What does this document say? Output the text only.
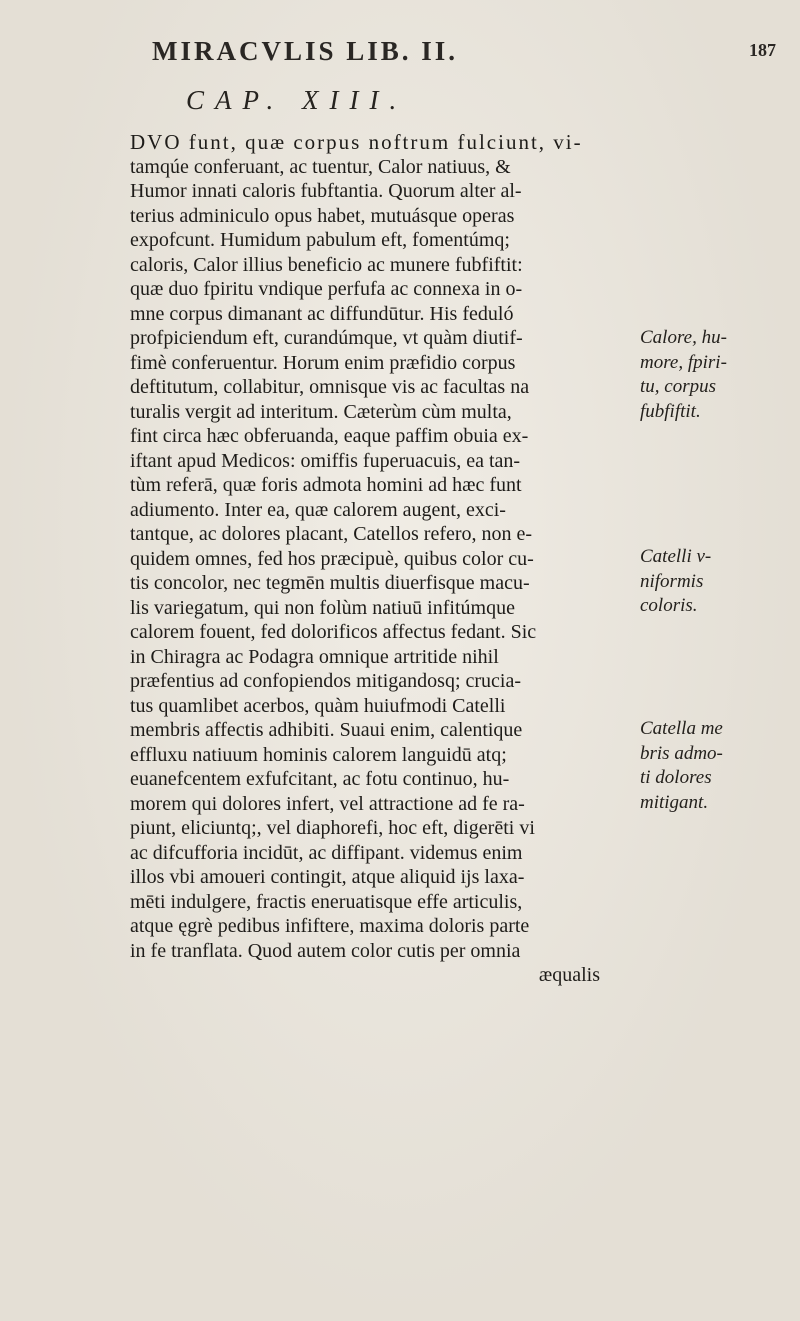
MIRACVLIS LIB. II.	187
CAP. XIII.
DVO funt, quæ corpus noftrum fulciunt, vi-
tamqúe conferuant, ac tuentur, Calor natiuus, &
Humor innati caloris fubftantia. Quorum alter al-
terius adminiculo opus habet, mutuásque operas
expofcunt. Humidum pabulum eft, fomentúmq;
caloris, Calor illius beneficio ac munere fubfiftit:
quæ duo fpiritu vndique perfufa ac connexa in o-
mne corpus dimanant ac diffundūtur. His feduló
profpiciendum eft, curandúmque, vt quàm diutif-
fimè conferuentur. Horum enim præfidio corpus
deftitutum, collabitur, omnisque vis ac facultas na
turalis vergit ad interitum. Cæterùm cùm multa,
fint circa hæc obferuanda, eaque paffim obuia ex-
iftant apud Medicos: omiffis fuperuacuis, ea tan-
tùm referā, quæ foris admota homini ad hæc funt
adiumento. Inter ea, quæ calorem augent, exci-
tantque, ac dolores placant, Catellos refero, non e-
quidem omnes, fed hos præcipuè, quibus color cu-
tis concolor, nec tegmēn multis diuerfisque macu-
lis variegatum, qui non folùm natiuū infitúmque
calorem fouent, fed dolorificos affectus fedant. Sic
in Chiragra ac Podagra omnique artritide nihil
præfentius ad confopiendos mitigandosq; crucia-
tus quamlibet acerbos, quàm huiufmodi Catelli
membris affectis adhibiti. Suaui enim, calentique
effluxu natiuum hominis calorem languidū atq;
euanefcentem exfufcitant, ac fotu continuo, hu-
morem qui dolores infert, vel attractione ad fe ra-
piunt, eliciuntq;, vel diaphorefi, hoc eft, digerēti vi
ac difcufforia incidūt, ac diffipant. videmus enim
illos vbi amoueri contingit, atque aliquid ijs laxa-
mēti indulgere, fractis eneruatisque effe articulis,
atque ęgrè pedibus infiftere, maxima doloris parte
in fe tranflata. Quod autem color cutis per omnia
æqualis
Calore, hu-
more, fpiri-
tu, corpus
fubfiftit.
Catelli v-
niformis
coloris.
Catella me
bris admo-
ti dolores
mitigant.
